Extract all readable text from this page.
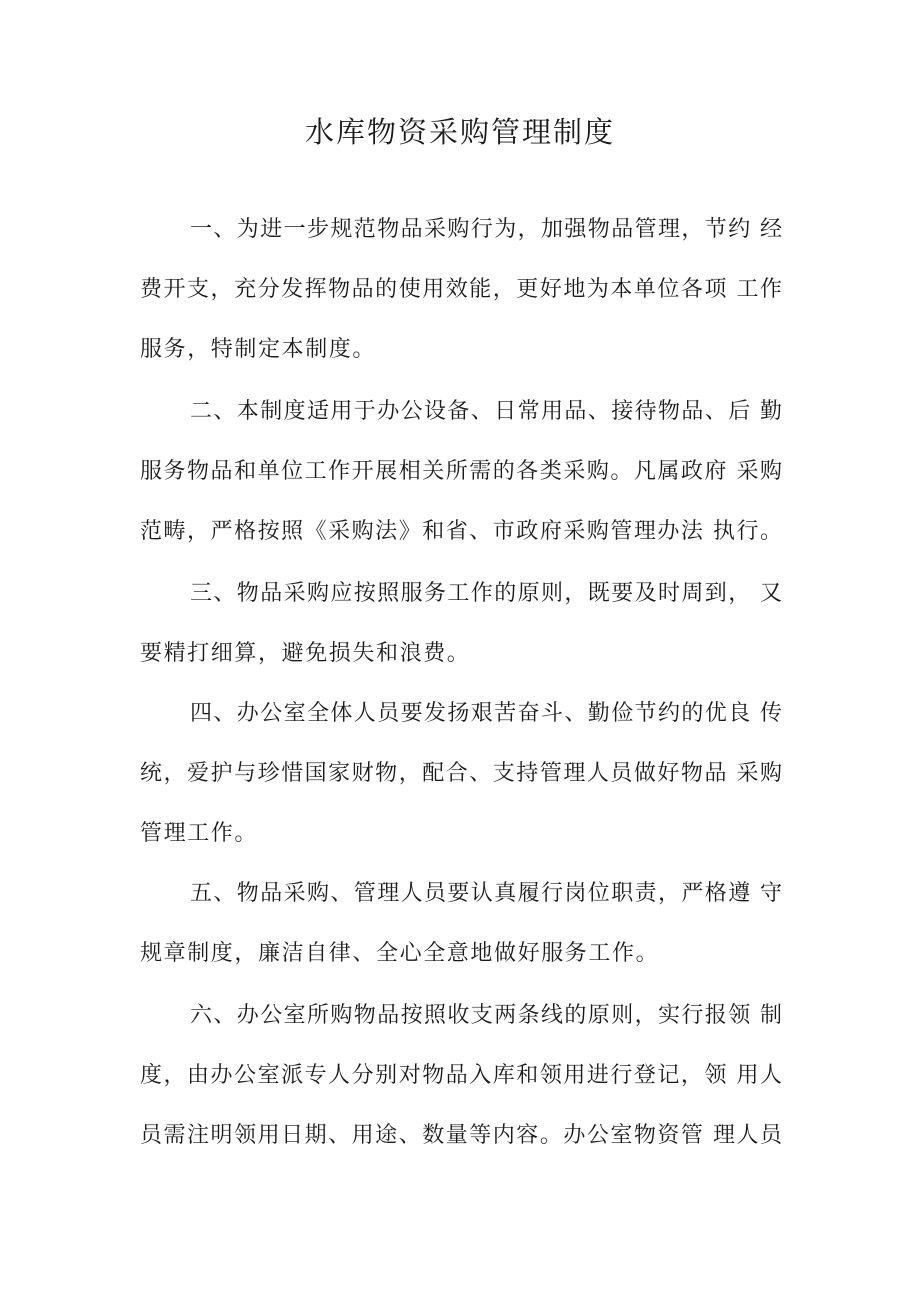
水库物资采购管理制度
一、为进一步规范物品采购行为，加强物品管理，节约 经
费开支，充分发挥物品的使用效能，更好地为本单位各项 工作
服务，特制定本制度。
二、本制度适用于办公设备、日常用品、接待物品、后 勤
服务物品和单位工作开展相关所需的各类采购。凡属政府 采购
范畴，严格按照《采购法》和省、市政府采购管理办法 执行。
三、物品采购应按照服务工作的原则，既要及时周到， 又
要精打细算，避免损失和浪费。
四、办公室全体人员要发扬艰苦奋斗、勤俭节约的优良 传
统，爱护与珍惜国家财物，配合、支持管理人员做好物品 采购
管理工作。
五、物品采购、管理人员要认真履行岗位职责，严格遵 守
规章制度，廉洁自律、全心全意地做好服务工作。
六、办公室所购物品按照收支两条线的原则，实行报领 制
度，由办公室派专人分别对物品入库和领用进行登记，领 用人
员需注明领用日期、用途、数量等内容。办公室物资管 理人员
